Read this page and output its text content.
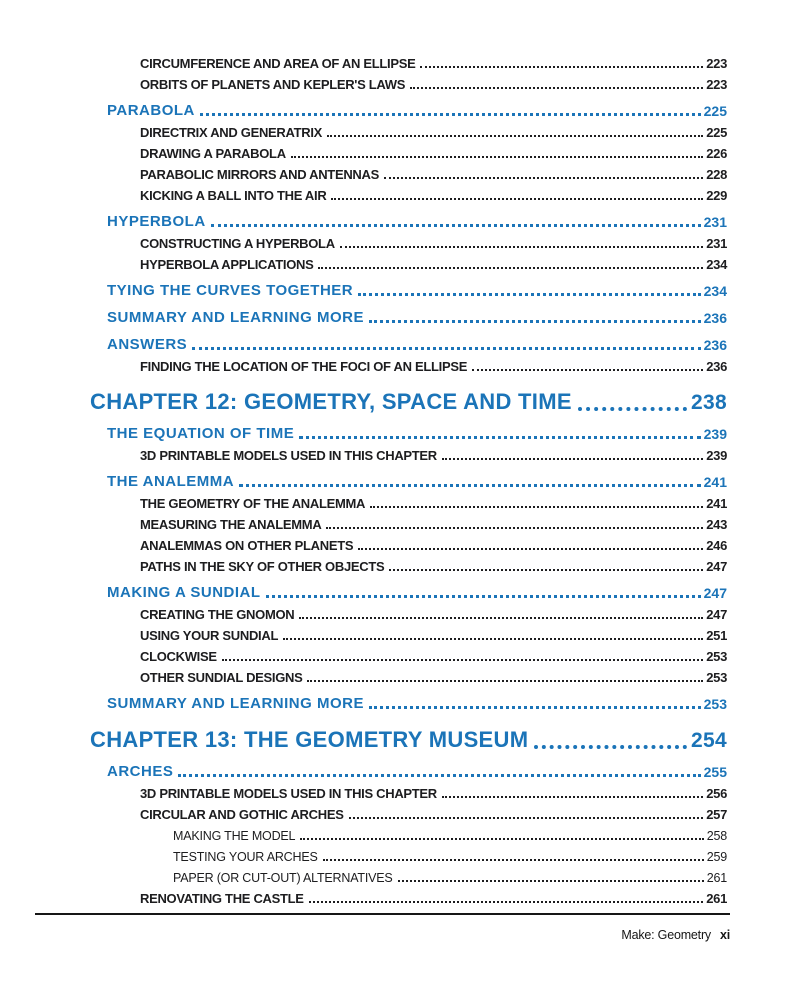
CIRCUMFERENCE AND AREA OF AN ELLIPSE	223
ORBITS OF PLANETS AND KEPLER'S LAWS	223
PARABOLA	225
DIRECTRIX AND GENERATRIX	225
DRAWING A PARABOLA	226
PARABOLIC MIRRORS AND ANTENNAS	228
KICKING A BALL INTO THE AIR	229
HYPERBOLA	231
CONSTRUCTING A HYPERBOLA	231
HYPERBOLA APPLICATIONS	234
TYING THE CURVES TOGETHER	234
SUMMARY AND LEARNING MORE	236
ANSWERS	236
FINDING THE LOCATION OF THE FOCI OF AN ELLIPSE	236
CHAPTER 12: GEOMETRY, SPACE AND TIME	238
THE EQUATION OF TIME	239
3D PRINTABLE MODELS USED IN THIS CHAPTER	239
THE ANALEMMA	241
THE GEOMETRY OF THE ANALEMMA	241
MEASURING THE ANALEMMA	243
ANALEMMAS ON OTHER PLANETS	246
PATHS IN THE SKY OF OTHER OBJECTS	247
MAKING A SUNDIAL	247
CREATING THE GNOMON	247
USING YOUR SUNDIAL	251
CLOCKWISE	253
OTHER SUNDIAL DESIGNS	253
SUMMARY AND LEARNING MORE	253
CHAPTER 13: THE GEOMETRY MUSEUM	254
ARCHES	255
3D PRINTABLE MODELS USED IN THIS CHAPTER	256
CIRCULAR AND GOTHIC ARCHES	257
MAKING THE MODEL	258
TESTING YOUR ARCHES	259
PAPER (OR CUT-OUT) ALTERNATIVES	261
RENOVATING THE CASTLE	261
Make: Geometry xi
